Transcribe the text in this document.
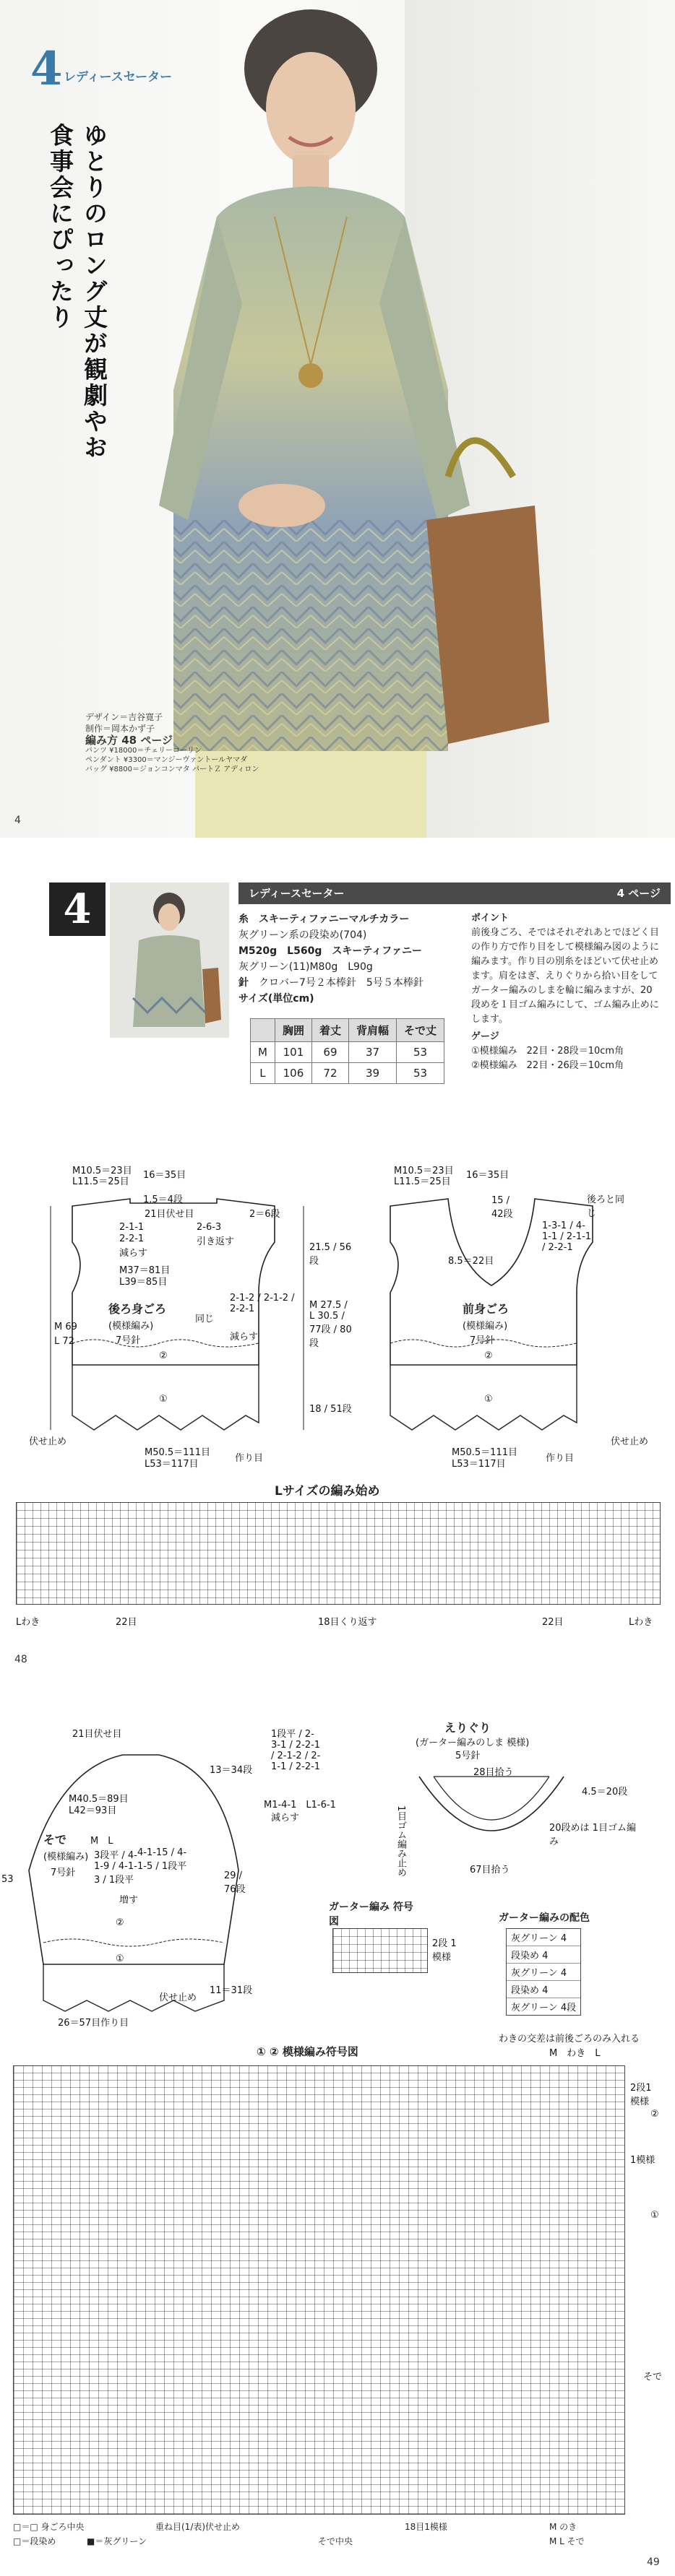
4 レディースセーター
ゆとりのロング丈が観劇やお食事会にぴったり
デザイン＝吉谷寛子
制作＝岡本かず子
編み方 48 ページ
パンツ ¥18000＝チェリーコーリン
ペンダント ¥3300＝マンジーヴァントールヤマダ
バッグ ¥8800＝ジョンコンマタ パートＺ アディロン
4
4	レディースセーター	4 ページ
糸　 スキーティファニーマルチカラー
灰グリーン系の段染め(704)
M520g　L560g　スキーティファニー
灰グリーン(11)M80g　L90g
針　 クロバー7号２本棒針　5号５本棒針
サイズ(単位cm)
	胸囲	着丈	背肩幅	そで丈
M	101	69	37	53
L	106	72	39	53
ポイント
前後身ごろ、そではそれぞれあとでほどく目の作り方で作り目をして模様編み図のように編みます。作り目の別糸をほどいて伏せ止めます。肩をはぎ、えりぐりから拾い目をしてガーター編みのしまを輪に編みますが、20段めを１目ゴム編みにして、ゴム編み止めにします。
ゲージ
①模様編み　22目・28段＝10cm角
②模様編み　22目・26段＝10cm角
M10.5＝23目
L11.5＝25目
16＝35目
1.5＝4段
21目伏せ目
2-1-1
2-2-1
減らす
2-6-3
引き返す
2＝6段
21.5 / 56段
M37＝81目
L39＝85目
2-1-2 / 2-1-2 / 2-2-1
減らす
同じ
後ろ身ごろ
(模様編み)
7号針
M 27.5 / L 30.5 / 77段 / 80段
18 / 51段
M 69
L 72
②
①
伏せ止め
M50.5＝111目
L53＝117目
作り目
M10.5＝23目
L11.5＝25目
16＝35目
15 / 42段
後ろと同じ
1-3-1 / 4-1-1 / 2-1-1 / 2-2-1
8.5＝22目
前身ごろ
(模様編み)
7号針
②
①
伏せ止め
M50.5＝111目
L53＝117目
作り目
Lサイズの編み始め
Lわき	22目	18目くり返す	22目	Lわき
48
21目伏せ目
M40.5＝89目
L42＝93目
そで	M　L
(模様編み)
7号針
3段平 / 4-1-9 / 4-1-3 / 1段平
4-1-15 / 4-1-5 / 1段平
増す
②
①
伏せ止め
26＝57目作り目
53
13＝34段
29 / 76段
11＝31段
1段平 / 2-3-1 / 2-2-1 / 2-1-2 / 2-1-1 / 2-2-1
M1-4-1　L1-6-1
減らす
えりぐり
(ガーター編みのしま 模様)
5号針
28目拾う
4.5＝20段
67目拾う
20段めは 1目ゴム編み
1目ゴム編み止め
ガーター編み 符号図
2段 1模様
ガーター編みの配色
灰グリーン 4
段染め 4
灰グリーン 4
段染め 4
灰グリーン 4段
わきの交差は前後ごろのみ入れる
① ② 模様編み符号図	M　わき　L
2段1模様
②
1模様
①
そで
□＝□ 身ごろ中央
□＝段染め	■＝灰グリーン
重ね目(1/表)伏せ止め
そで中央
18目1模様	M のき
M L そで
49
